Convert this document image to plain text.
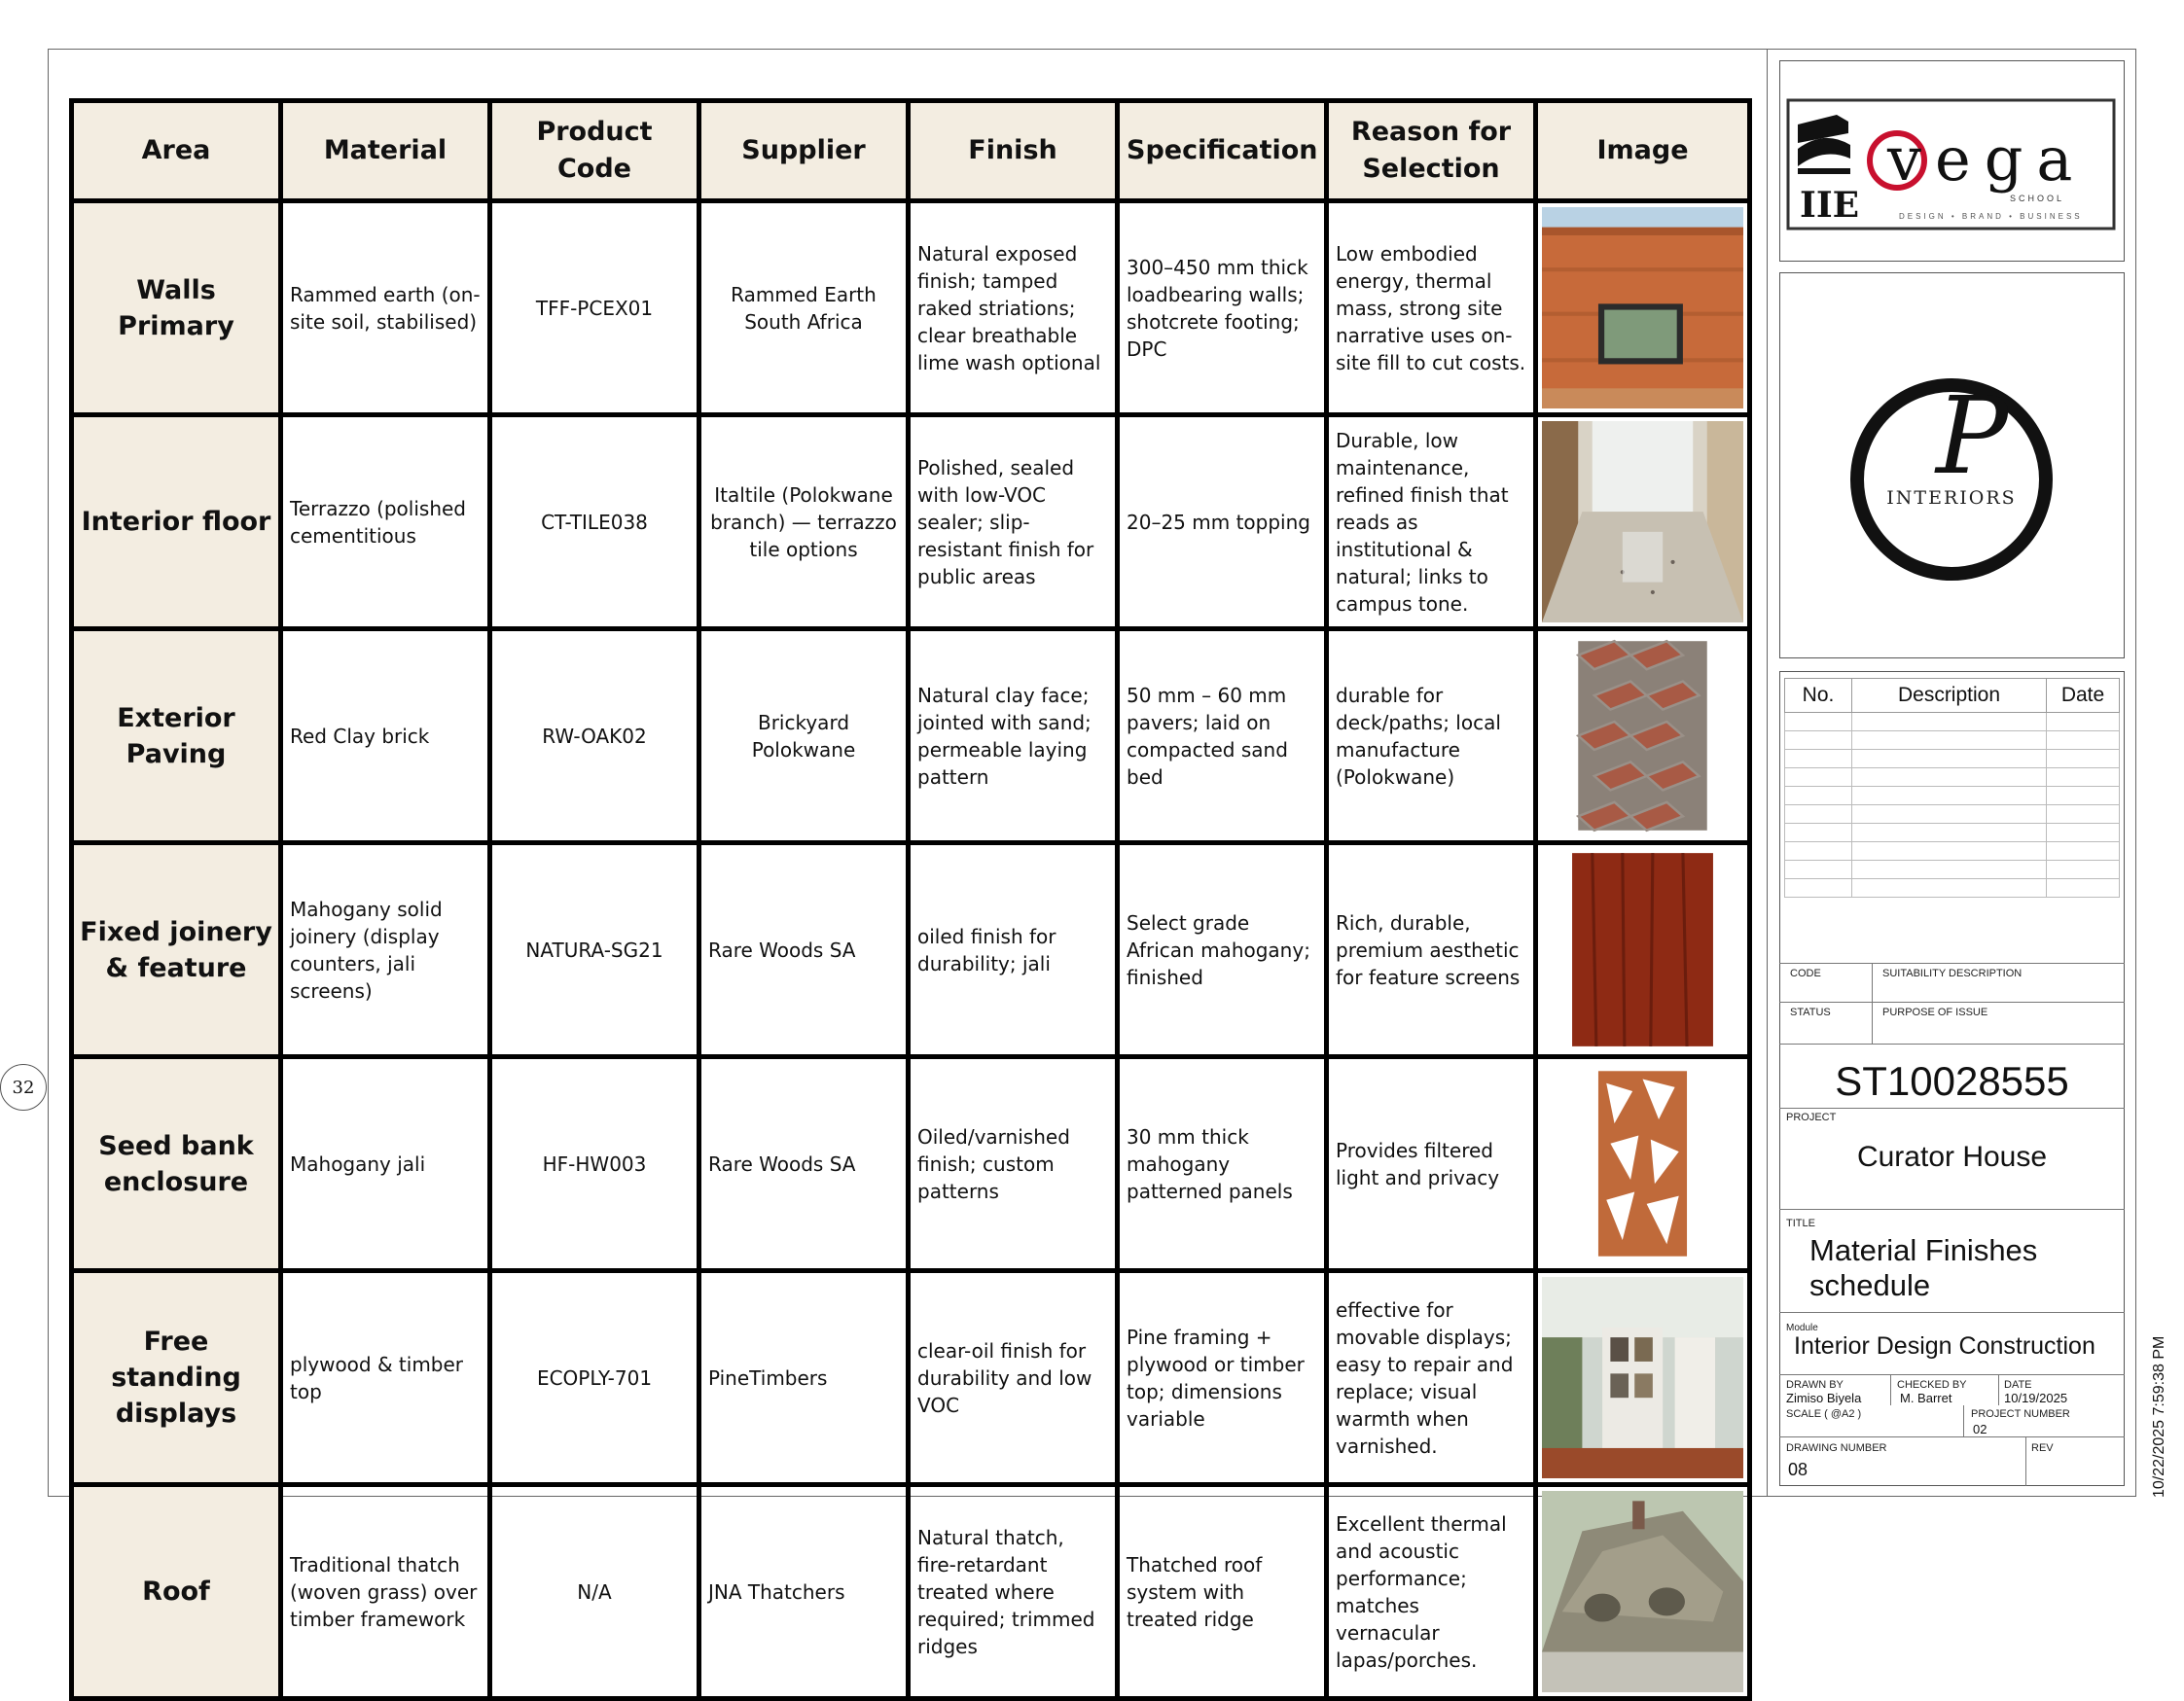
32
Area	Material	Product Code	Supplier	Finish	Specification	Reason for Selection	Image
Walls Primary	Rammed earth (on-site soil, stabilised)	TFF-PCEX01	Rammed Earth South Africa	Natural exposed finish; tamped raked striations; clear breathable lime wash optional	300–450 mm thick loadbearing walls; shotcrete footing; DPC	Low embodied energy, thermal mass, strong site narrative uses on-site fill to cut costs.	

Interior floor	Terrazzo (polished cementitious	CT-TILE038	Italtile (Polokwane branch) — terrazzo tile options	Polished, sealed with low-VOC sealer; slip-resistant finish for public areas	20–25 mm topping	Durable, low maintenance, refined finish that reads as institutional & natural; links to campus tone.	

Exterior Paving	Red Clay brick	RW-OAK02	Brickyard Polokwane	Natural clay face; jointed with sand; permeable laying pattern	50 mm – 60 mm pavers; laid on compacted sand bed	durable for deck/paths; local manufacture (Polokwane)	

Fixed joinery & feature	Mahogany solid joinery (display counters, jali screens)	NATURA-SG21	Rare Woods SA	oiled finish for durability; jali	Select grade African mahogany; finished	Rich, durable, premium aesthetic for feature screens	

Seed bank enclosure	Mahogany jali	HF-HW003	Rare Woods SA	Oiled/varnished finish; custom patterns	30 mm thick mahogany patterned panels	Provides filtered light and privacy	

Free standing displays	plywood & timber top	ECOPLY-701	PineTimbers	clear-oil finish for durability and low VOC	Pine framing + plywood or timber top; dimensions variable	effective for movable displays; easy to repair and replace; visual warmth when varnished.	

Roof	Traditional thatch (woven grass) over timber framework	N/A	JNA Thatchers	Natural thatch, fire-retardant treated where required; trimmed ridges	Thatched roof system with treated ridge	Excellent thermal and acoustic performance; matches vernacular lapas/porches.	
IIE
vega
SCHOOL
DESIGN • BRAND • BUSINESS
P
INTERIORS
No.	Description	Date

CODE	SUITABILITY DESCRIPTION
STATUS	PURPOSE OF ISSUE
ST10028555
PROJECT
Curator House
TITLE
Material Finishes schedule
Module
Interior Design Construction
DRAWN BY
Zimiso Biyela
CHECKED BY
M. Barret
DATE
10/19/2025
SCALE ( @A2 )	PROJECT NUMBER
02
DRAWING NUMBER
08
REV	10/22/2025 7:59:38 PM
